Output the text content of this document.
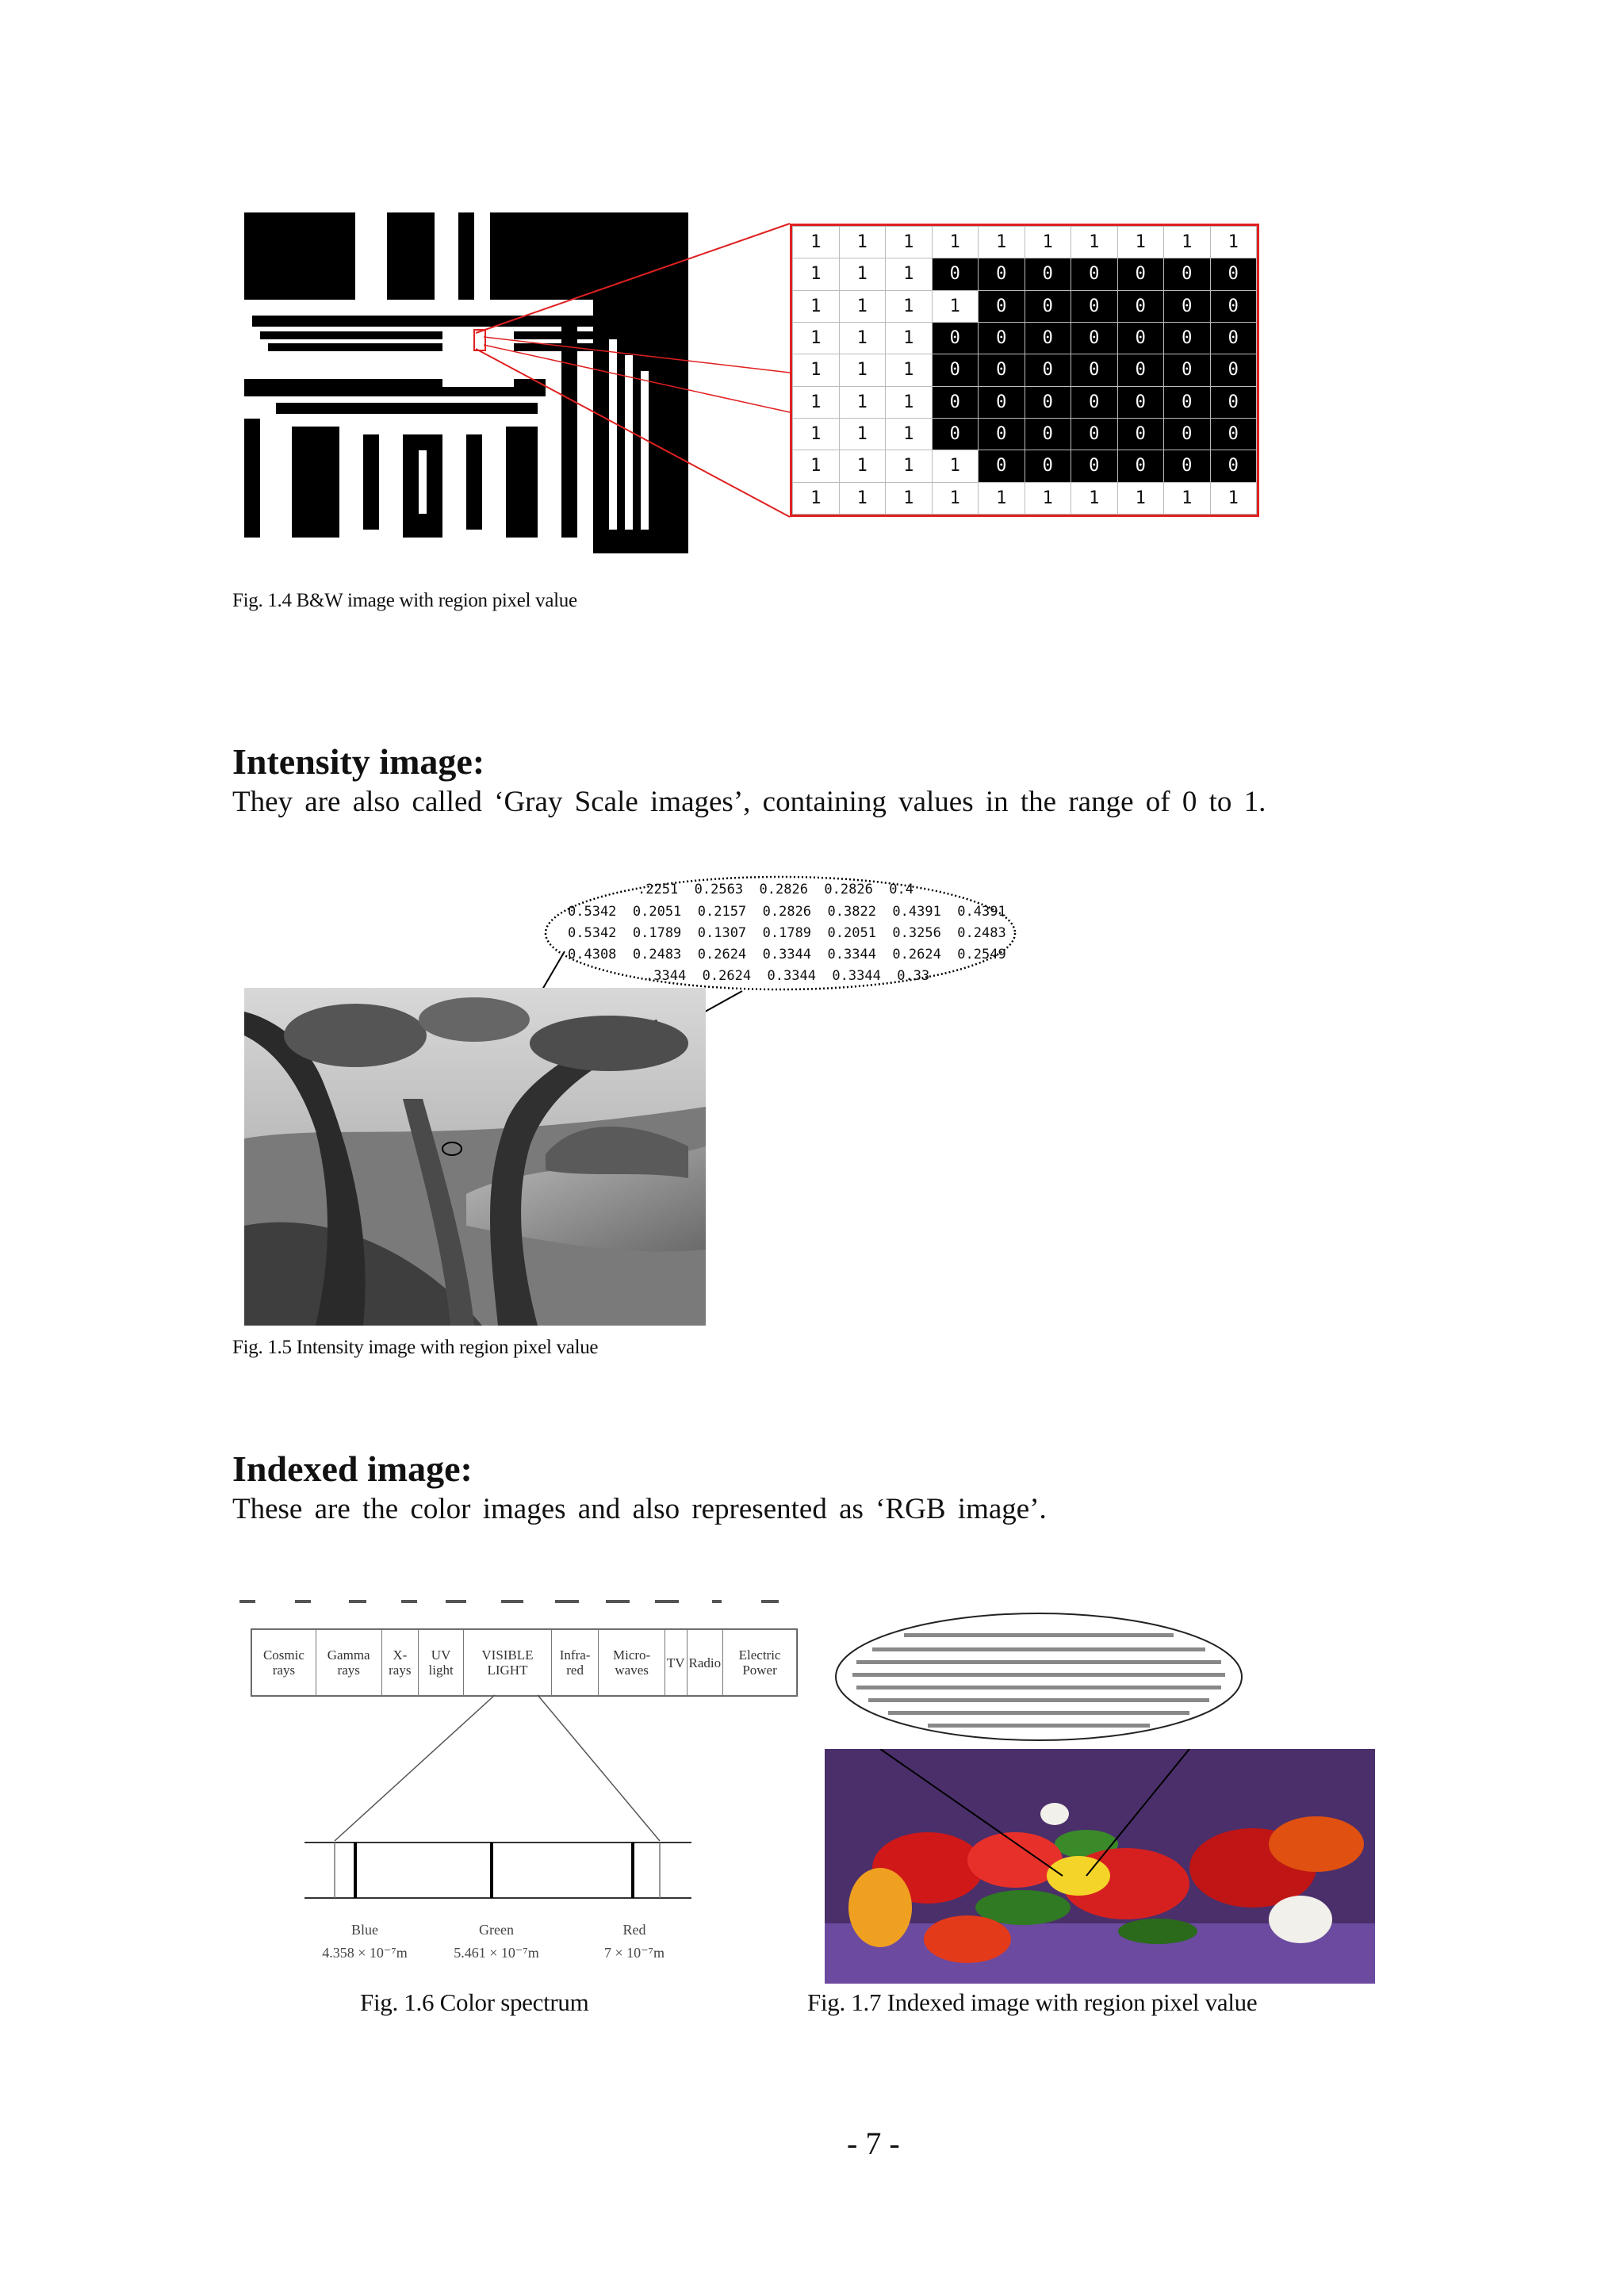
1	1	1	1	1	1	1	1	1	1
1	1	1	0	0	0	0	0	0	0
1	1	1	1	0	0	0	0	0	0
1	1	1	0	0	0	0	0	0	0
1	1	1	0	0	0	0	0	0	0
1	1	1	0	0	0	0	0	0	0
1	1	1	0	0	0	0	0	0	0
1	1	1	1	0	0	0	0	0	0
1	1	1	1	1	1	1	1	1	1
Fig. 1.4 B&W image with region pixel value
Intensity image:
They are also called ‘Gray Scale images’, containing values in the range of 0 to 1.
.2251  0.2563  0.2826  0.2826  0.4
0.5342  0.2051  0.2157  0.2826  0.3822  0.4391  0.4391
0.5342  0.1789  0.1307  0.1789  0.2051  0.3256  0.2483
0.4308  0.2483  0.2624  0.3344  0.3344  0.2624  0.2549
.3344  0.2624  0.3344  0.3344  0.33
Fig. 1.5 Intensity image with region pixel value
Indexed image:
These are the color images and also represented as ‘RGB image’.
Cosmic rays	Gamma rays	X-rays	UV light	VISIBLE LIGHT	Infra-red	Micro-waves	TV	Radio	Electric Power
Blue
4.358 × 10⁻⁷m
Green
5.461 × 10⁻⁷m
Red
7 × 10⁻⁷m
Fig. 1.6 Color spectrum	Fig. 1.7 Indexed image with region pixel value
- 7 -
